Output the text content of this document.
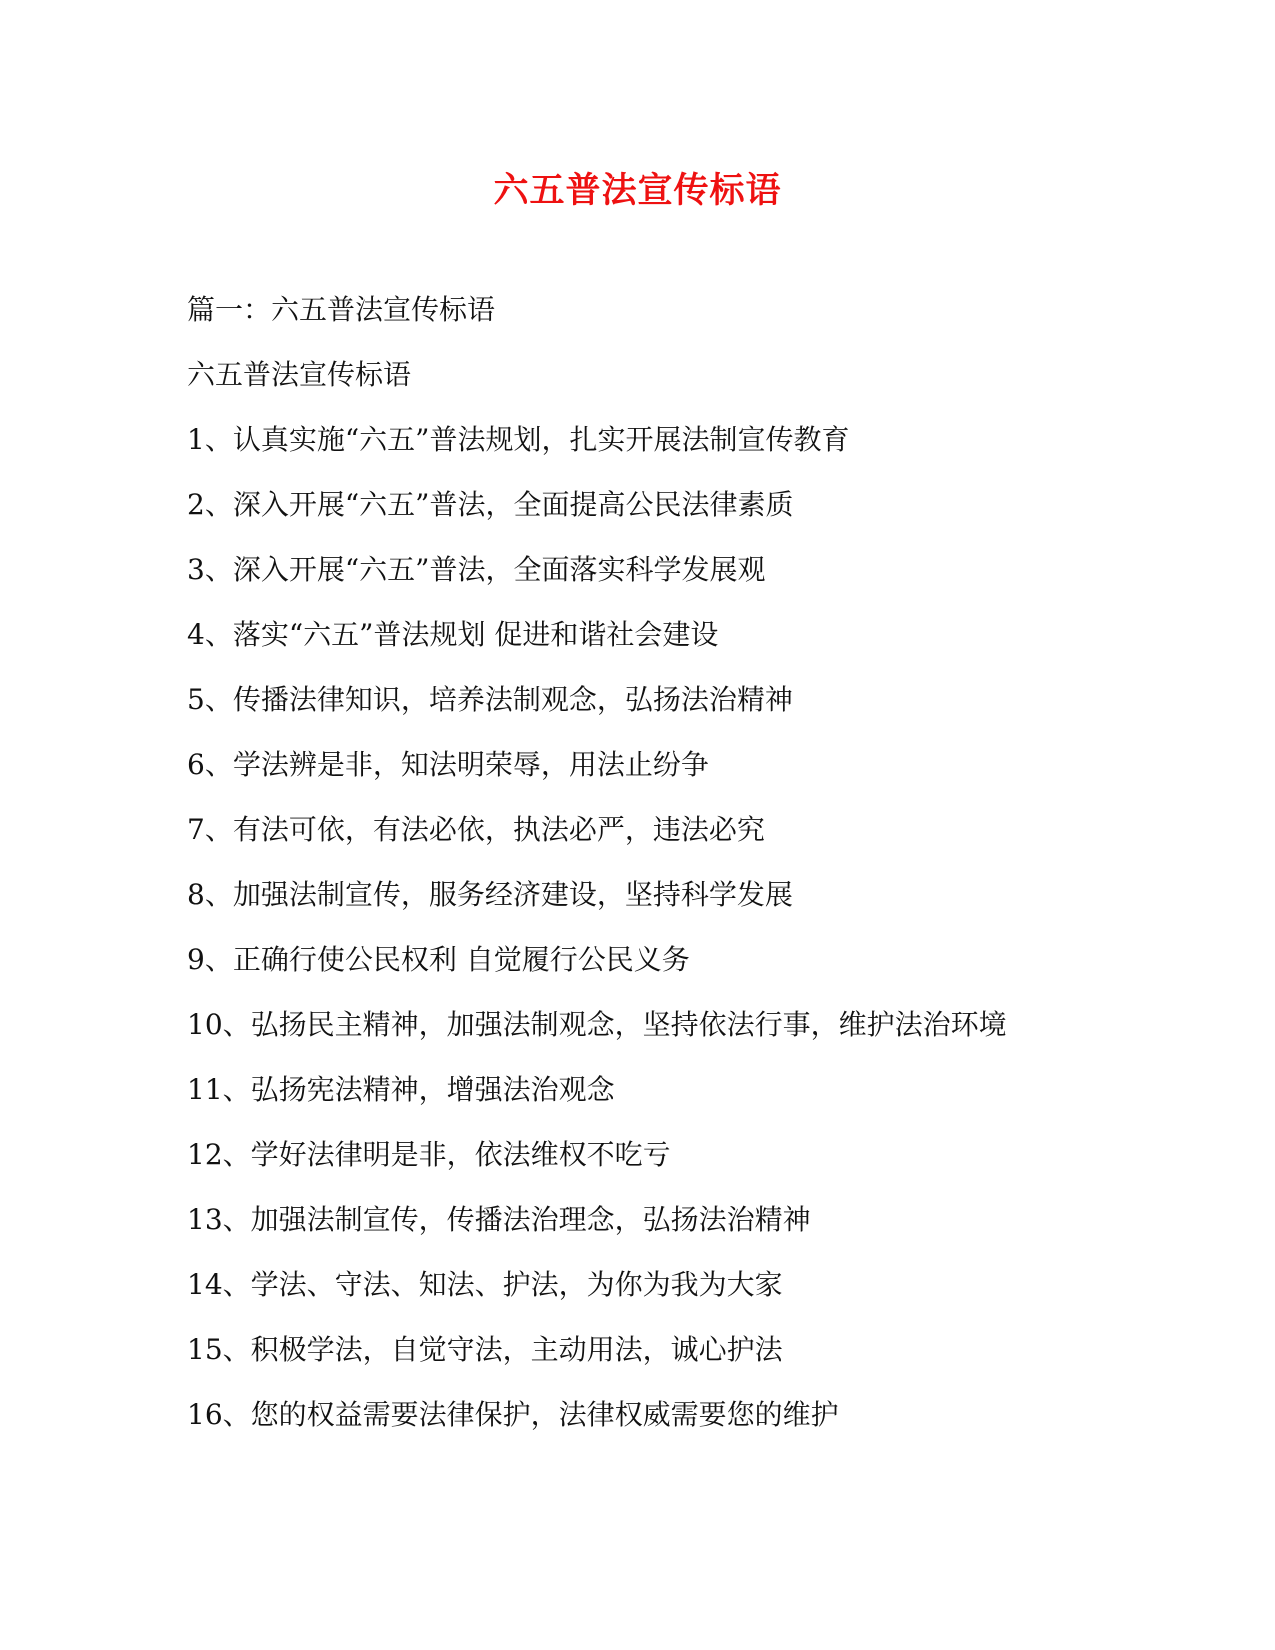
六五普法宣传标语
篇一：六五普法宣传标语
六五普法宣传标语
1、认真实施“六五”普法规划，扎实开展法制宣传教育
2、深入开展“六五”普法，全面提高公民法律素质
3、深入开展“六五”普法，全面落实科学发展观
4、落实“六五”普法规划 促进和谐社会建设
5、传播法律知识，培养法制观念，弘扬法治精神
6、学法辨是非，知法明荣辱，用法止纷争
7、有法可依，有法必依，执法必严，违法必究
8、加强法制宣传，服务经济建设，坚持科学发展
9、正确行使公民权利 自觉履行公民义务
10、弘扬民主精神，加强法制观念，坚持依法行事，维护法治环境
11、弘扬宪法精神，增强法治观念
12、学好法律明是非，依法维权不吃亏
13、加强法制宣传，传播法治理念，弘扬法治精神
14、学法、守法、知法、护法，为你为我为大家
15、积极学法，自觉守法，主动用法，诚心护法
16、您的权益需要法律保护，法律权威需要您的维护
